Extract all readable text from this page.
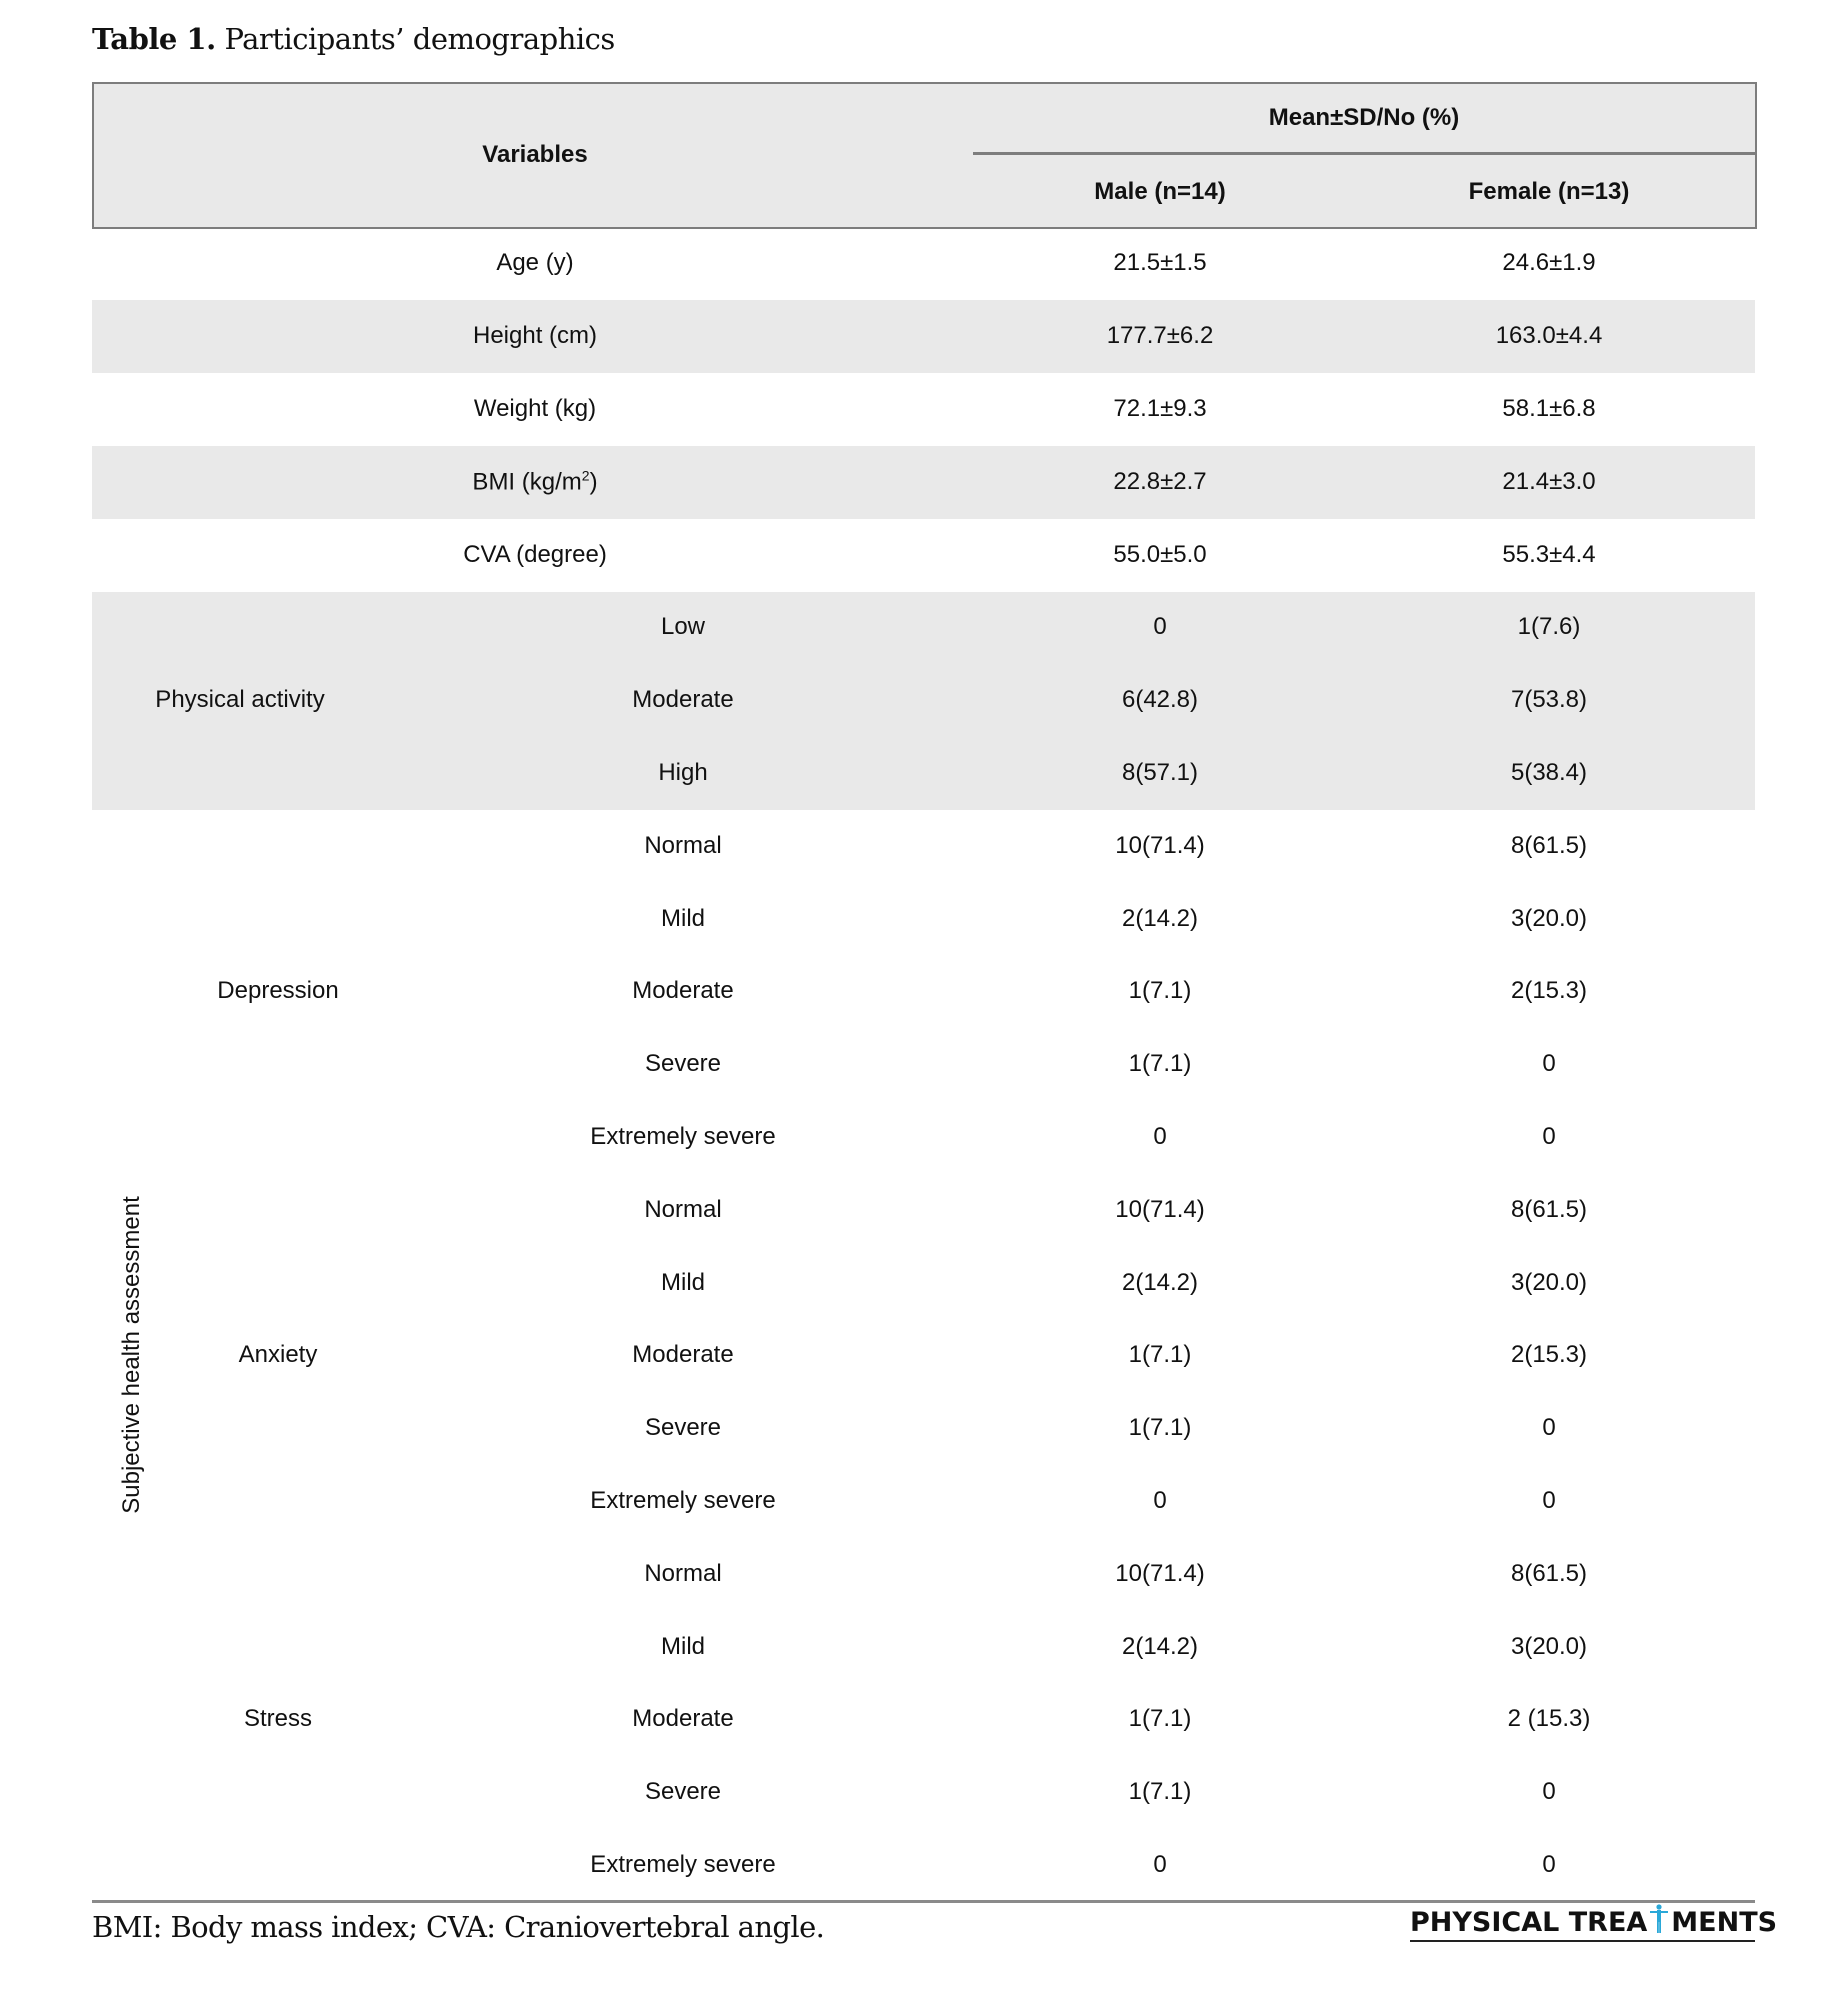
Table 1. Participants’ demographics
Variables
Mean±SD/No (%)
Male (n=14)	Female (n=13)
Age (y)	21.5±1.5	24.6±1.9
Height (cm)	177.7±6.2	163.0±4.4
Weight (kg)	72.1±9.3	58.1±6.8
BMI $(kg/m^2)$	22.8±2.7	21.4±3.0
CVA (degree)	55.0±5.0	55.3±4.4
Low	0	1(7.6)
Moderate	6(42.8)	7(53.8)
High	8(57.1)	5(38.4)
Physical activity
Normal	10(71.4)	8(61.5)
Mild	2(14.2)	3(20.0)
Moderate	1(7.1)	2(15.3)
Severe	1(7.1)	0
Extremely severe	0	0
Depression
Normal	10(71.4)	8(61.5)
Mild	2(14.2)	3(20.0)
Moderate	1(7.1)	2(15.3)
Severe	1(7.1)	0
Extremely severe	0	0
Anxiety
Normal	10(71.4)	8(61.5)
Mild	2(14.2)	3(20.0)
Moderate	1(7.1)	2 (15.3)
Severe	1(7.1)	0
Extremely severe	0	0
Stress
Subjective health assessment
BMI: Body mass index; CVA: Craniovertebral angle.	PHYSICAL TREA MENTS
